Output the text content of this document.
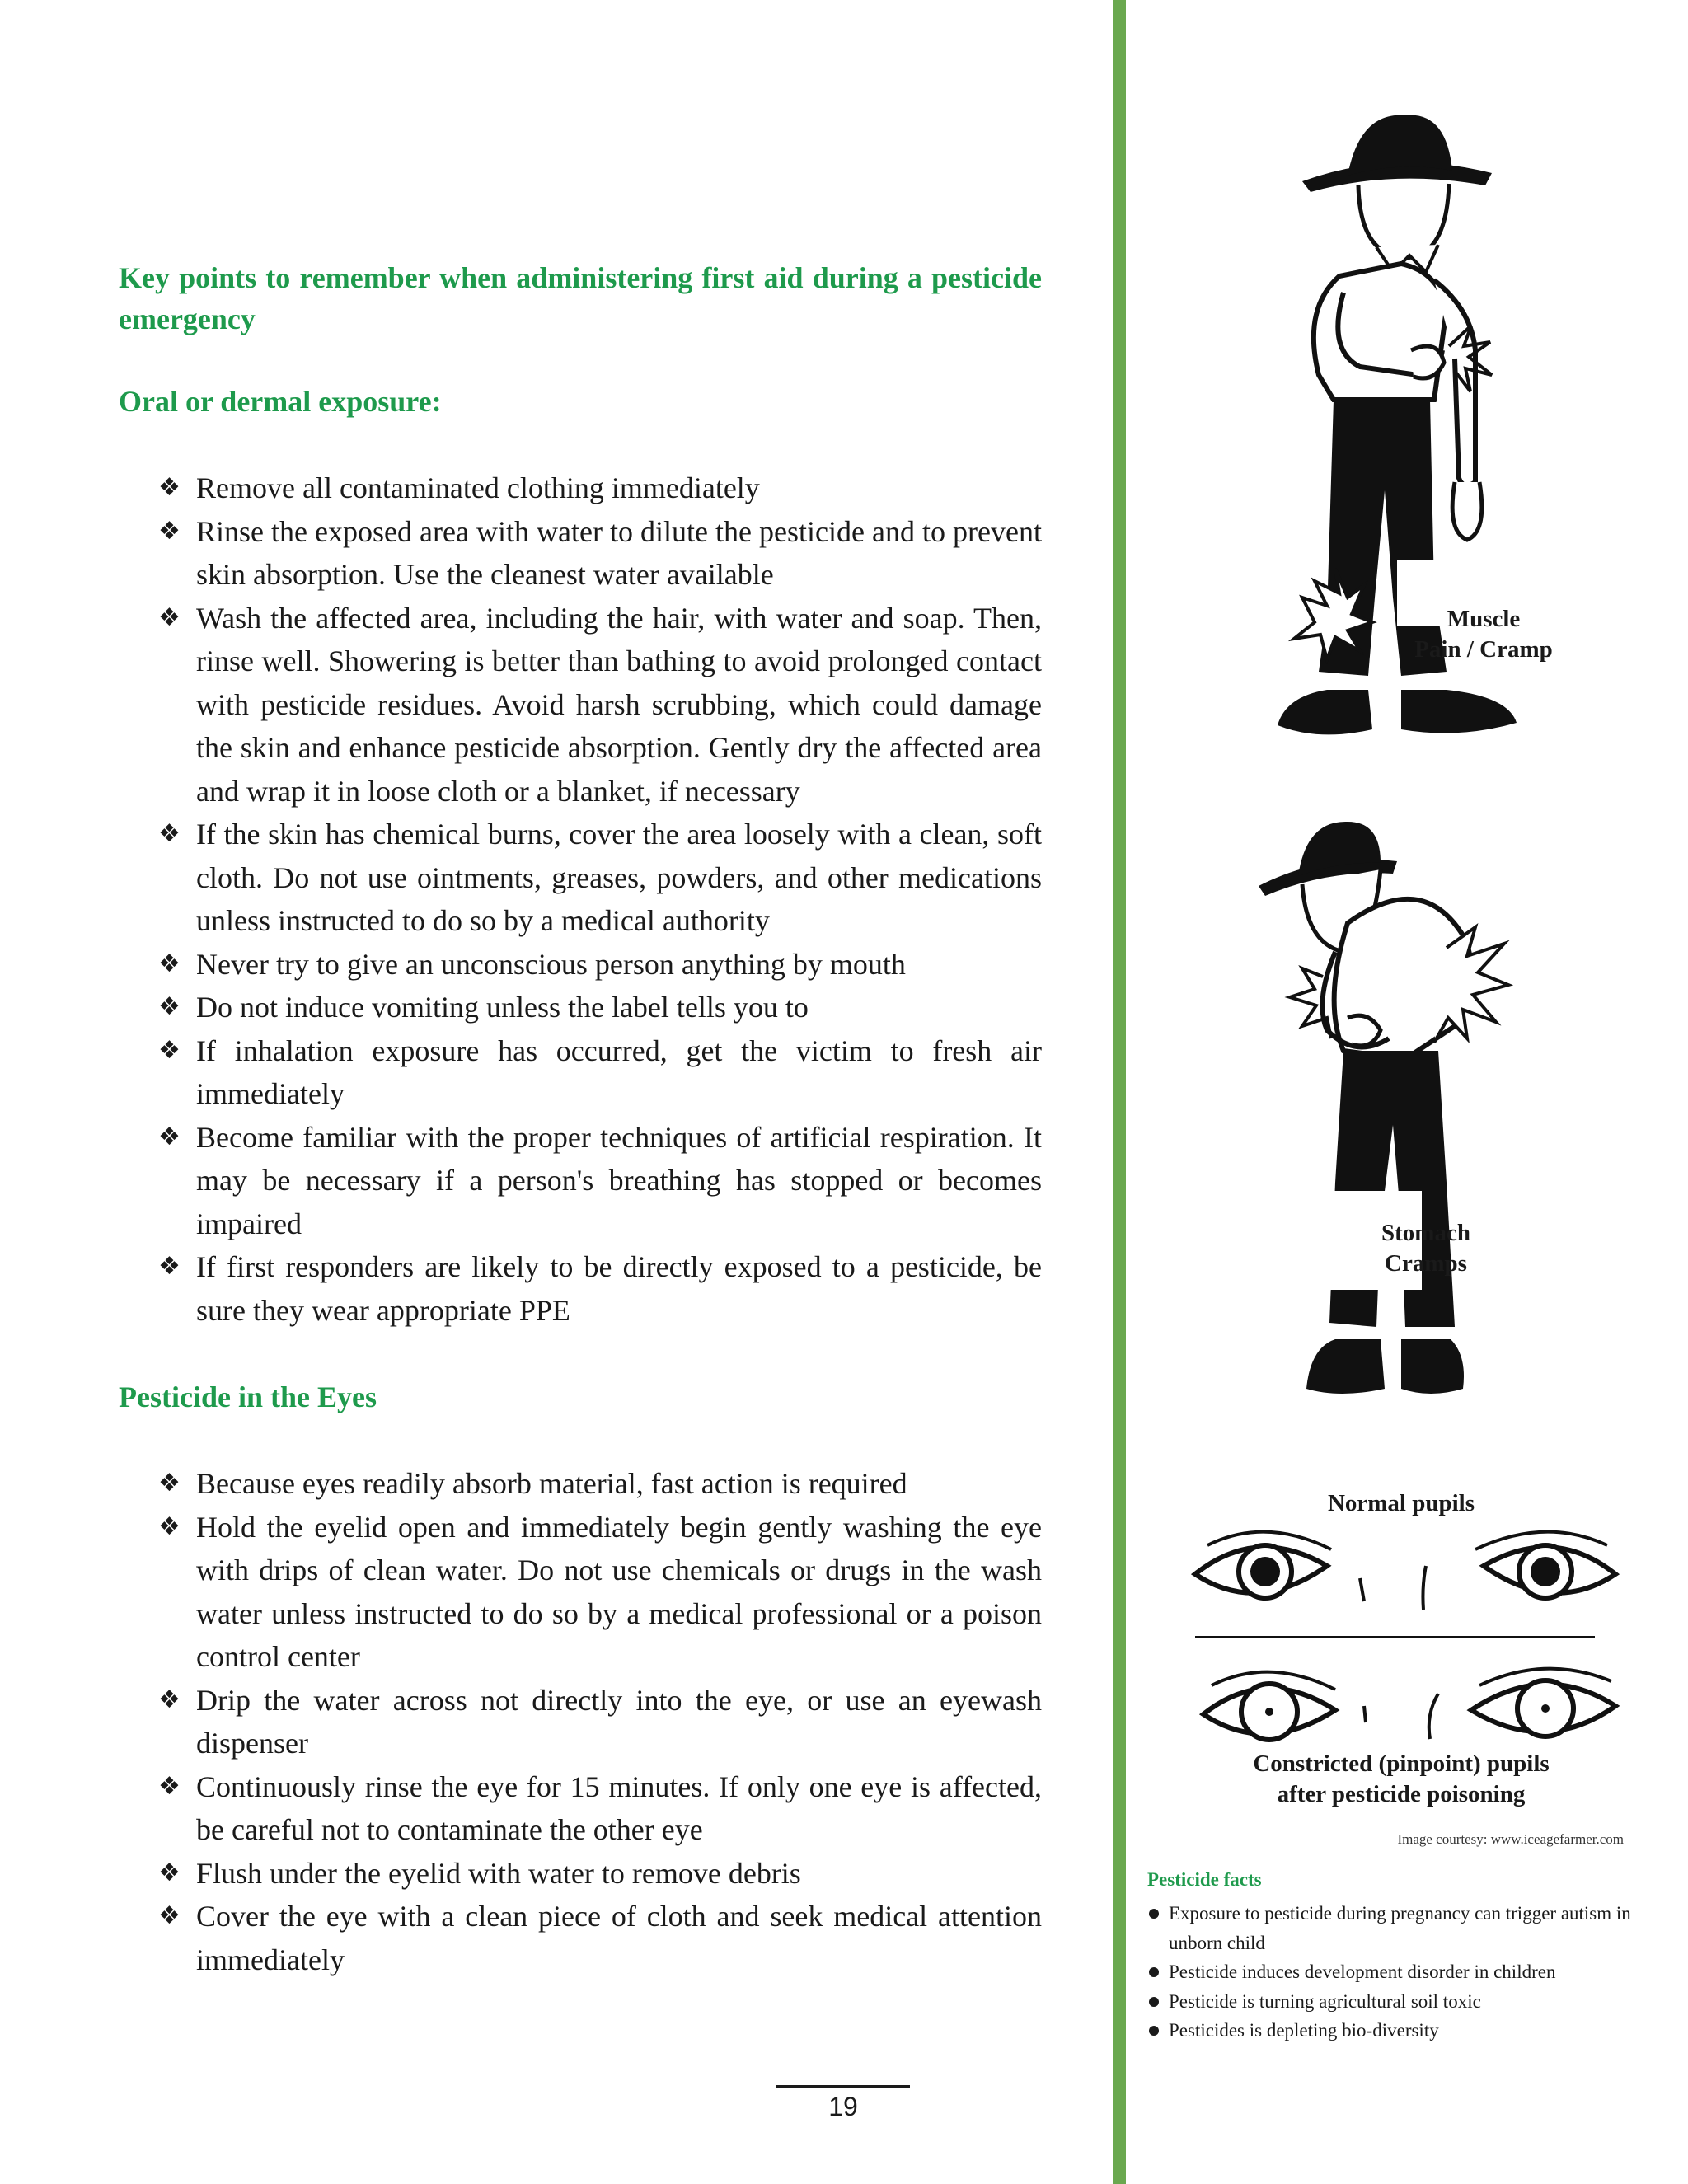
Key points to remember when administering first aid during a pesticide emergency

Oral or dermal exposure:

❖ Remove all contaminated clothing immediately
❖ Rinse the exposed area with water to dilute the pesticide and to prevent skin absorption. Use the cleanest water available
❖ Wash the affected area, including the hair, with water and soap. Then, rinse well. Showering is better than bathing to avoid prolonged contact with pesticide residues. Avoid harsh scrubbing, which could damage the skin and enhance pesticide absorption. Gently dry the affected area and wrap it in loose cloth or a blanket, if necessary
❖ If the skin has chemical burns, cover the area loosely with a clean, soft cloth. Do not use ointments, greases, powders, and other medications unless instructed to do so by a medical authority
❖ Never try to give an unconscious person anything by mouth
❖ Do not induce vomiting unless the label tells you to
❖ If inhalation exposure has occurred, get the victim to fresh air immediately
❖ Become familiar with the proper techniques of artificial respiration. It may be necessary if a person's breathing has stopped or becomes impaired
❖ If first responders are likely to be directly exposed to a pesticide, be sure they wear appropriate PPE

Pesticide in the Eyes

❖ Because eyes readily absorb material, fast action is required
❖ Hold the eyelid open and immediately begin gently washing the eye with drips of clean water. Do not use chemicals or drugs in the wash water unless instructed to do so by a medical professional or a poison control center
❖ Drip the water across not directly into the eye, or use an eyewash dispenser
❖ Continuously rinse the eye for 15 minutes. If only one eye is affected, be careful not to contaminate the other eye
❖ Flush under the eyelid with water to remove debris
❖ Cover the eye with a clean piece of cloth and seek medical attention immediately
19
Muscle
Pain / Cramp
Stomach
Cramps
Normal pupils
Constricted (pinpoint) pupils
after pesticide poisoning
Image courtesy: www.iceagefarmer.com

Pesticide facts

Exposure to pesticide during pregnancy can trigger autism in unborn child
Pesticide induces development disorder in children
Pesticide is turning agricultural soil toxic
Pesticides is depleting bio-diversity
